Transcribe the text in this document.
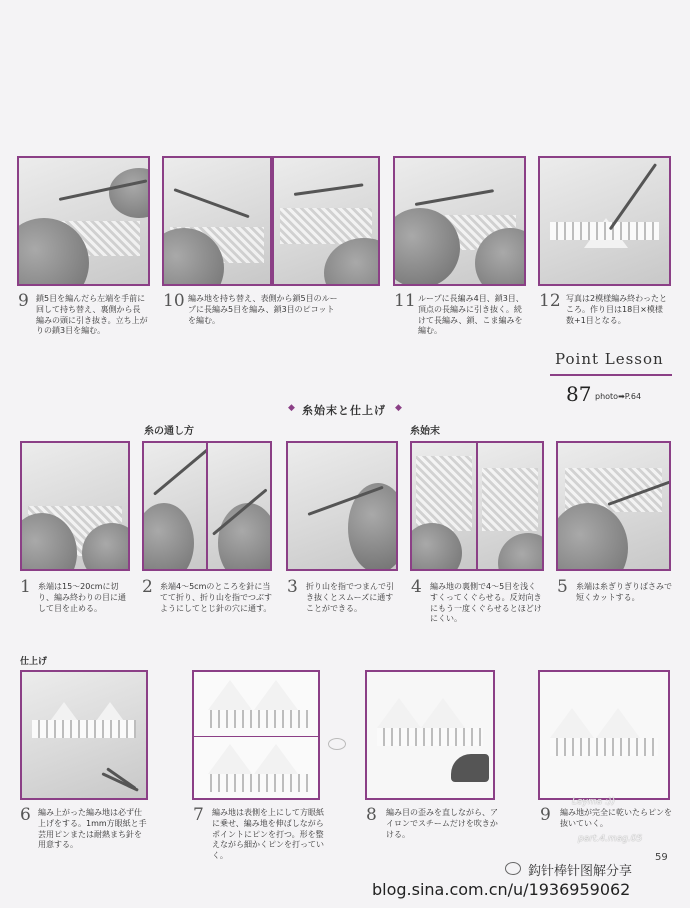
9 鎖5目を編んだら左端を手前に回して持ち替え、裏側から長編みの頭に引き抜き。立ち上がりの鎖3目を編む。
10 編み地を持ち替え、表側から鎖5目のループに長編み5目を編み、鎖3目のピコットを編む。
11 ループに長編み4目、鎖3目、頂点の長編みに引き抜く。続けて長編み、鎖、こま編みを編む。
12 写真は2模様編み終わったところ。作り目は18目×模様数+1目となる。
Point Lesson
87 photo➡P.64
◆ 糸始末と仕上げ ◆
糸の通し方	糸始末
1 糸端は15〜20cmに切り、編み終わりの目に通して目を止める。
2 糸端4〜5cmのところを針に当てて折り、折り山を指でつぶすようにしてとじ針の穴に通す。
3 折り山を指でつまんで引き抜くとスムーズに通すことができる。
4 編み地の裏側で4〜5目を浅くすくってくぐらせる。反対向きにもう一度くぐらせるとほどけにくい。
5 糸端は糸ぎりぎりばさみで短くカットする。
仕上げ
6 編み上がった編み地は必ず仕上げをする。1mm方眼紙と手芸用ピンまたは耐熱まち針を用意する。
7 編み地は表側を上にして方眼紙に乗せ、編み地を伸ばしながらポイントにピンを打つ。形を整えながら細かくピンを打っていく。
8 編み目の歪みを直しながら、アイロンでスチームだけを吹きかける。
9 編み地が完全に乾いたらピンを抜いていく。
Leyma :))
part.4.mag.05
59
鈎针棒针图解分享
blog.sina.com.cn/u/1936959062
